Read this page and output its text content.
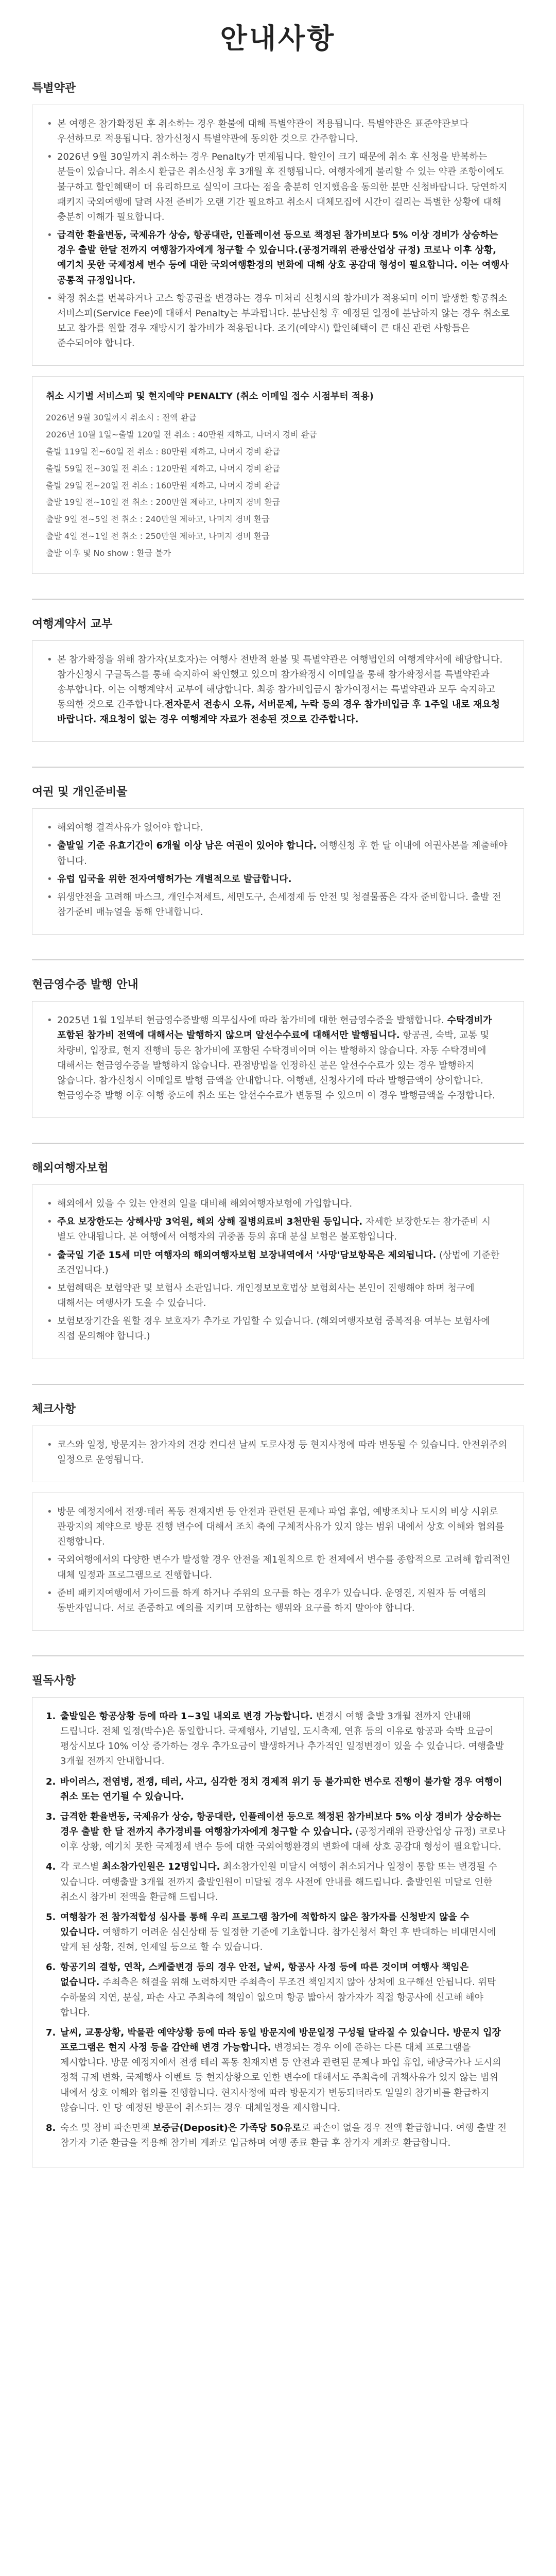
안내사항
특별약관
• 본 여행은 참가확정된 후 취소하는 경우 환불에 대해 특별약관이 적용됩니다. 특별약관은 표준약관보다 우선하므로 적용됩니다. 참가신청시 특별약관에 동의한 것으로 간주합니다.
• 2026년 9월 30일까지 취소하는 경우 Penalty가 면제됩니다. 할인이 크기 때문에 취소 후 신청을 반복하는 분들이 있습니다. 취소시 환급은 취소신청 후 3개월 후 진행됩니다. 여행자에게 불리할 수 있는 약관 조항이에도 불구하고 할인혜택이 더 유리하므로 실익이 크다는 점을 충분히 인지했음을 동의한 분만 신청바랍니다. 당연하지 패키지 국외여행에 달려 사전 준비가 오랜 기간 필요하고 취소시 대체모집에 시간이 걸리는 특별한 상황에 대해 충분히 이해가 필요합니다.
• 급격한 환율변동, 국제유가 상승, 항공대란, 인플레이션 등으로 책정된 참가비보다 5% 이상 경비가 상승하는 경우 출발 한달 전까지 여행참가자에게 청구할 수 있습니다.(공정거래위 관광산업상 규정) 코로나 이후 상황, 예기치 못한 국제정세 변수 등에 대한 국외여행환경의 변화에 대해 상호 공감대 형성이 필요합니다. 이는 여행사 공통적 규정입니다.
• 확정 취소를 번복하거나 고스 항공권을 변경하는 경우 미처리 신청시의 참가비가 적용되며 이미 발생한 항공취소 서비스피(Service Fee)에 대해서 Penalty는 부과됩니다. 분납신청 후 예정된 일정에 분납하지 않는 경우 취소로 보고 참가를 원할 경우 재방시기 참가비가 적용됩니다. 조기(예약시) 할인혜택이 큰 대신 관련 사항들은 준수되어야 합니다.
취소 시기별 서비스피 및 현지예약 PENALTY (취소 이메일 접수 시점부터 적용)
2026년 9월 30일까지 취소시 : 전액 환급
2026년 10월 1일~출발 120일 전 취소 : 40만원 제하고, 나머지 경비 환급
출발 119일 전~60일 전 취소 : 80만원 제하고, 나머지 경비 환급
출발 59일 전~30일 전 취소 : 120만원 제하고, 나머지 경비 환급
출발 29일 전~20일 전 취소 : 160만원 제하고, 나머지 경비 환급
출발 19일 전~10일 전 취소 : 200만원 제하고, 나머지 경비 환급
출발 9일 전~5일 전 취소 : 240만원 제하고, 나머지 경비 환급
출발 4일 전~1일 전 취소 : 250만원 제하고, 나머지 경비 환급
출발 이후 및 No show : 환급 불가
여행계약서 교부
• 본 참가확정을 위해 참가자(보호자)는 여행사 전반적 환불 및 특별약관은 여행법인의 여행계약서에 해당합니다. 참가신청시 구글독스를 통해 숙지하여 확인했고 있으며 참가확정시 이메일을 통해 참가확정서를 특별약관과 송부합니다. 이는 여행계약서 교부에 해당합니다. 최종 참가비입금시 참가여정서는 특별약관과 모두 숙지하고 동의한 것으로 간주합니다.전자문서 전송시 오류, 서버문제, 누락 등의 경우 참가비입금 후 1주일 내로 재요청 바랍니다. 재요청이 없는 경우 여행계약 자료가 전송된 것으로 간주합니다.
여권 및 개인준비물
• 해외여행 결격사유가 없어야 합니다.
• 출발일 기준 유효기간이 6개월 이상 남은 여권이 있어야 합니다. 여행신청 후 한 달 이내에 여권사본을 제출해야 합니다.
• 유럽 입국을 위한 전자여행허가는 개별적으로 발급합니다.
• 위생안전을 고려해 마스크, 개인수저세트, 세면도구, 손세정제 등 안전 및 청결물품은 각자 준비합니다. 출발 전 참가준비 매뉴얼을 통해 안내합니다.
현금영수증 발행 안내
• 2025년 1월 1일부터 현금영수증발행 의무십사에 따라 참가비에 대한 현금영수증을 발행합니다. 수탁경비가 포함된 참가비 전액에 대해서는 발행하지 않으며 알선수수료에 대해서만 발행됩니다. 항공권, 숙박, 교통 및 차량비, 입장료, 현지 진행비 등은 참가비에 포함된 수탁경비이며 이는 발행하지 않습니다. 자동 수탁경비에 대해서는 현금영수증을 발행하지 않습니다. 관점방법을 인정하신 분은 알선수수료가 있는 경우 발행하지 않습니다. 참가신청시 이메일로 발행 금액을 안내합니다. 여행팬, 신청사기에 따라 발행금액이 상이합니다. 현금영수증 발행 이후 여행 중도에 취소 또는 알선수수료가 변동될 수 있으며 이 경우 발행금액을 수정합니다.
해외여행자보험
• 해외에서 있을 수 있는 안전의 일을 대비해 해외여행자보험에 가입합니다.
• 주요 보장한도는 상해사망 3억원, 해외 상해 질병의료비 3천만원 등입니다. 자세한 보장한도는 참가준비 시 별도 안내됩니다. 본 여행에서 여행자의 귀중품 등의 휴대 분실 보험은 불포함입니다.
• 출국일 기준 15세 미만 여행자의 해외여행자보험 보장내역에서 '사망'담보항목은 제외됩니다. (상법에 기준한 조건입니다.)
• 보험혜택은 보험약관 및 보험사 소관입니다. 개인정보보호법상 보험회사는 본인이 진행해야 하며 청구에 대해서는 여행사가 도울 수 있습니다.
• 보험보장기간을 원할 경우 보호자가 추가로 가입할 수 있습니다. (해외여행자보험 중복적용 여부는 보험사에 직접 문의해야 합니다.)
체크사항
• 코스와 일정, 방문지는 참가자의 건강 컨디션 날씨 도로사정 등 현지사정에 따라 변동될 수 있습니다. 안전위주의 일정으로 운영됩니다.
• 방문 예정지에서 전쟁·테러 폭동 전재지변 등 안전과 관련된 문제나 파업 휴업, 예방조치나 도시의 비상 시위로 관광지의 제약으로 방문 진행 변수에 대해서 조치 축에 구체적사유가 있지 않는 범위 내에서 상호 이해와 협의를 진행합니다.
• 국외여행에서의 다양한 변수가 발생할 경우 안전을 제1원칙으로 한 전제에서 변수를 종합적으로 고려해 합리적인 대체 일정과 프로그램으로 진행합니다.
• 준비 패키지여행에서 가이드를 하게 하거나 주위의 요구를 하는 경우가 있습니다. 운영진, 지원자 등 여행의 동반자입니다. 서로 존중하고 예의를 지키며 모함하는 행위와 요구를 하지 말아야 합니다.
필독사항
1. 출발일은 항공상황 등에 따라 1~3일 내외로 변경 가능합니다. 변경시 여행 출발 3개월 전까지 안내해 드립니다. 전체 일정(박수)은 동일합니다. 국제행사, 기념일, 도시축제, 연휴 등의 이유로 항공과 숙박 요금이 평상시보다 10% 이상 증가하는 경우 추가요금이 발생하거나 추가적인 일정변경이 있을 수 있습니다. 여행출발 3개월 전까지 안내합니다.
2. 바이러스, 전염병, 전쟁, 테러, 사고, 심각한 정치 경제적 위기 등 불가피한 변수로 진행이 불가할 경우 여행이 취소 또는 연기될 수 있습니다.
3. 급격한 환율변동, 국제유가 상승, 항공대란, 인플레이션 등으로 책정된 참가비보다 5% 이상 경비가 상승하는 경우 출발 한 달 전까지 추가경비를 여행참가자에게 청구할 수 있습니다. (공정거래위 관광산업상 규정) 코로나 이후 상황, 예기치 못한 국제정세 변수 등에 대한 국외여행환경의 변화에 대해 상호 공감대 형성이 필요합니다.
4. 각 코스별 최소참가인원은 12명입니다. 최소참가인원 미달시 여행이 취소되거나 일정이 통합 또는 변경될 수 있습니다. 여행출발 3개월 전까지 출발인원이 미달될 경우 사전에 안내를 해드립니다. 출발인원 미달로 인한 취소시 참가비 전액을 환급해 드립니다.
5. 여행참가 전 참가적합성 심사를 통해 우리 프로그램 참가에 적합하지 않은 참가자를 신청받지 않을 수 있습니다. 여행하기 어려운 심신상태 등 일정한 기준에 기초합니다. 참가신청서 확인 후 반대하는 비대면시에 알게 된 상황, 진혀, 인제일 등으로 할 수 있습니다.
6. 항공기의 결항, 연착, 스케줄변경 등의 경우 안전, 날씨, 항공사 사정 등에 따른 것이며 여행사 책임은 없습니다. 주최측은 해결을 위해 노력하지만 주최측이 무조건 책임지지 않아 상처에 요구해선 안됩니다. 위탁 수하물의 지연, 분실, 파손 사고 주최측에 책임이 없으며 항공 밟아서 참가자가 직접 항공사에 신고해 해야 합니다.
7. 날씨, 교통상황, 박물관 예약상황 등에 따라 동일 방문지에 방문일정 구성될 달라질 수 있습니다. 방문지 입장 프로그램은 현지 사정 등을 감안해 변경 가능합니다. 변경되는 경우 이에 준하는 다른 대체 프로그램을 제시합니다. 방문 예정지에서 전쟁 테러 폭동 천재지변 등 안전과 관련된 문제나 파업 휴업, 해당국가나 도시의 정책 규제 변화, 국제행사 이벤트 등 현지상황으로 인한 변수에 대해서도 주최측에 귀책사유가 있지 않는 범위 내에서 상호 이해와 협의를 진행합니다. 현지사정에 따라 방문지가 변동되더라도 일일의 참가비를 환급하지 않습니다. 인 당 예정된 방문이 취소되는 경우 대체일정을 제시합니다.
8. 숙소 및 참비 파손면책 보증금(Deposit)은 가족당 50유로로 파손이 없을 경우 전액 환급합니다. 여행 출발 전 참가자 기준 환급을 적용해 참가비 계좌로 입금하며 여행 종료 환급 후 참가자 계좌로 환급합니다.
